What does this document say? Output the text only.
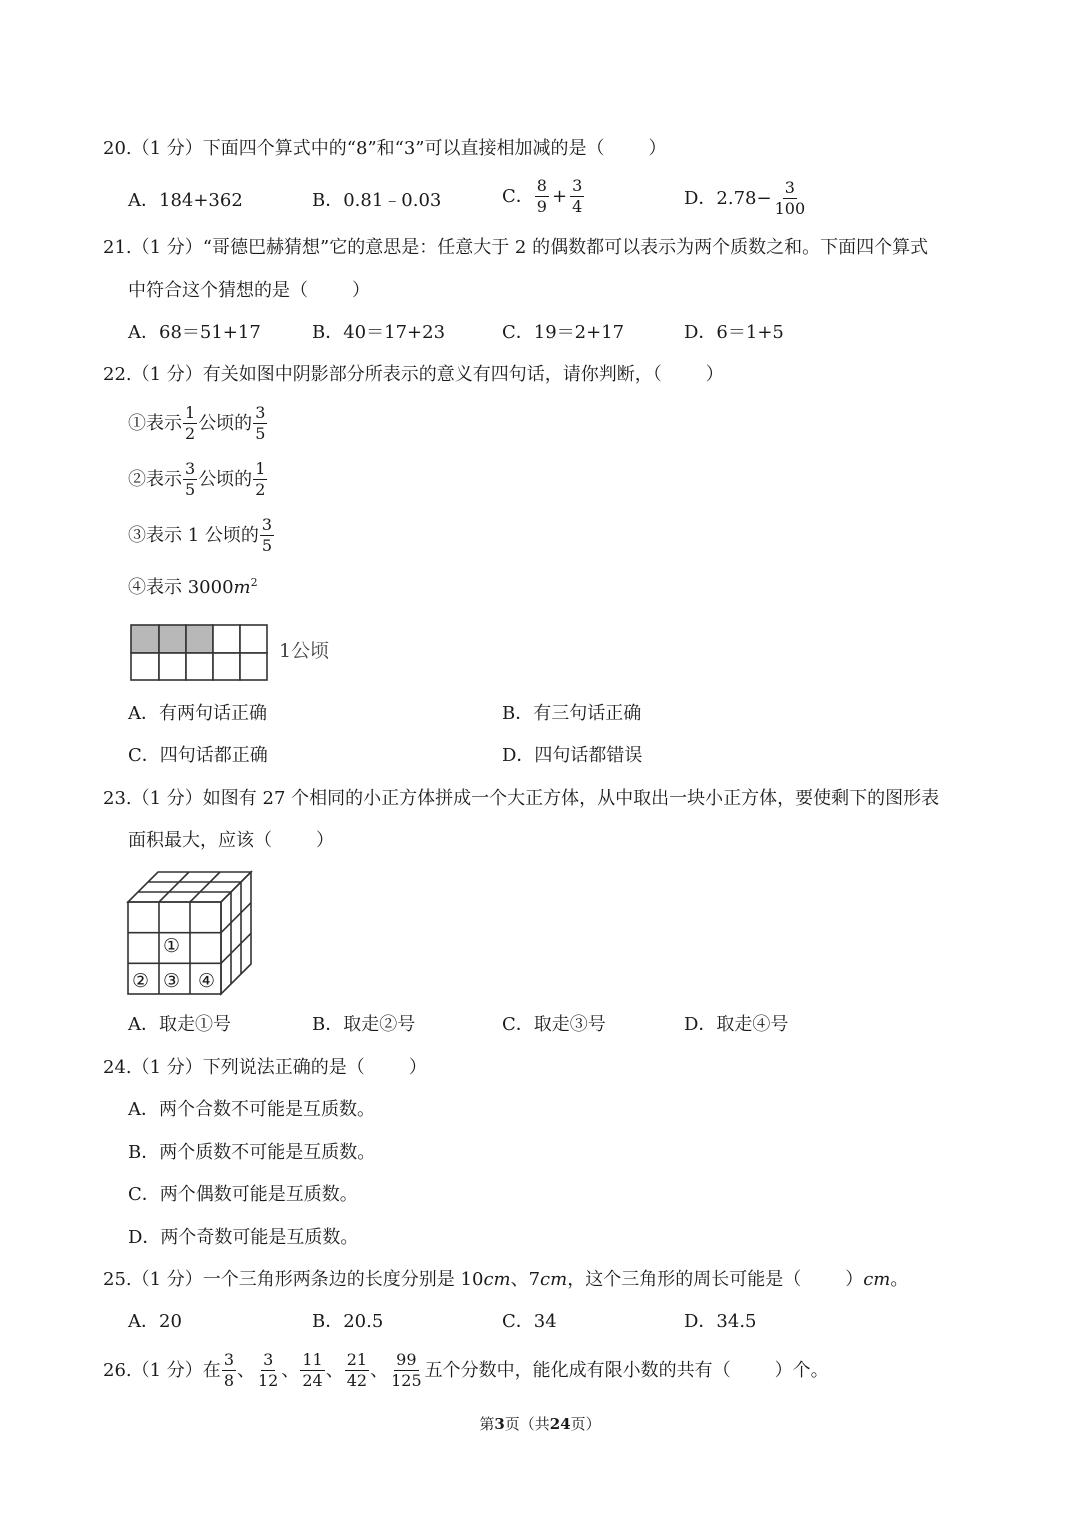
20.（1 分）下面四个算式中的“8”和“3”可以直接相加减的是（ ）
A．184+362	B．0.81﹣0.03	C． $\frac{8}{9} + \frac{3}{4}$	D．$2.78- \frac{3}{100}$
21.（1 分）“哥德巴赫猜想”它的意思是：任意大于 2 的偶数都可以表示为两个质数之和。下面四个算式
中符合这个猜想的是（ ）
A．68＝51+17	B．40＝17+23	C．19＝2+17	D．6＝1+5
22.（1 分）有关如图中阴影部分所表示的意义有四句话，请你判断，（ ）
①表示 $\frac{1}{2}$ 公顷的 $\frac{3}{5}$
②表示 $\frac{3}{5}$ 公顷的 $\frac{1}{2}$
③表示 1 公顷的 $\frac{3}{5}$
④表示 $3000m^2$
1公顷
A．有两句话正确	B．有三句话正确
C．四句话都正确	D．四句话都错误
23.（1 分）如图有 27 个相同的小正方体拼成一个大正方体，从中取出一块小正方体，要使剩下的图形表
面积最大，应该（ ）
①
② ③ ④
A．取走①号	B．取走②号	C．取走③号	D．取走④号
24.（1 分）下列说法正确的是（ ）
A．两个合数不可能是互质数。
B．两个质数不可能是互质数。
C．两个偶数可能是互质数。
D．两个奇数可能是互质数。
25.（1 分）一个三角形两条边的长度分别是 10cm、7cm，这个三角形的周长可能是（ ）cm。
A．20	B．20.5	C．34	D．34.5
26.（1 分）在 $\frac{3}{8}$ 、 $\frac{3}{12}$ 、 $\frac{11}{24}$ 、 $\frac{21}{42}$ 、 $\frac{99}{125}$ 五个分数中，能化成有限小数的共有（ ）个。
第3页（共24页）
